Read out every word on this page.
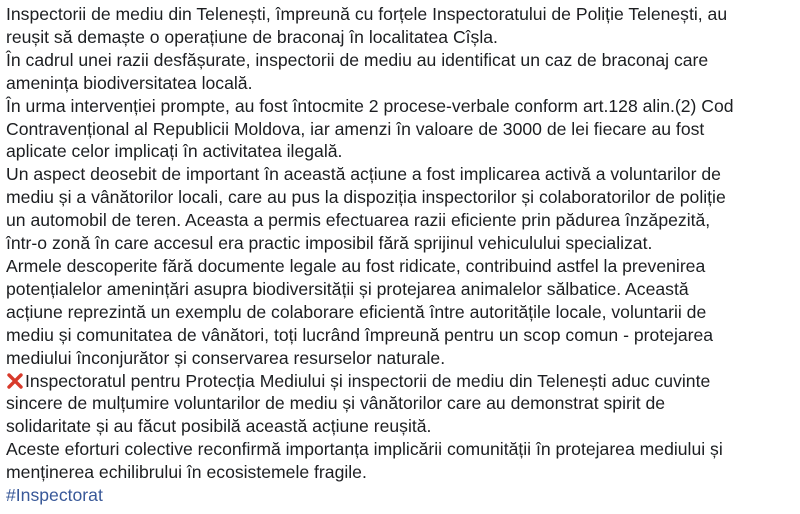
Inspectorii de mediu din Telenești, împreună cu forțele Inspectoratului de Poliție Telenești, au
reușit să demaște o operațiune de braconaj în localitatea Cîșla.
În cadrul unei razii desfășurate, inspectorii de mediu au identificat un caz de braconaj care
amenința biodiversitatea locală.
În urma intervenției prompte, au fost întocmite 2 procese-verbale conform art.128 alin.(2) Cod
Contravențional al Republicii Moldova, iar amenzi în valoare de 3000 de lei fiecare au fost
aplicate celor implicați în activitatea ilegală.
Un aspect deosebit de important în această acțiune a fost implicarea activă a voluntarilor de
mediu și a vânătorilor locali, care au pus la dispoziția inspectorilor și colaboratorilor de poliție
un automobil de teren. Aceasta a permis efectuarea razii eficiente prin pădurea înzăpezită,
într-o zonă în care accesul era practic imposibil fără sprijinul vehiculului specializat.
Armele descoperite fără documente legale au fost ridicate, contribuind astfel la prevenirea
potențialelor amenințări asupra biodiversității și protejarea animalelor sălbatice. Această
acțiune reprezintă un exemplu de colaborare eficientă între autoritățile locale, voluntarii de
mediu și comunitatea de vânători, toți lucrând împreună pentru un scop comun - protejarea
mediului înconjurător și conservarea resurselor naturale.
Inspectoratul pentru Protecția Mediului și inspectorii de mediu din Telenești aduc cuvinte
sincere de mulțumire voluntarilor de mediu și vânătorilor care au demonstrat spirit de
solidaritate și au făcut posibilă această acțiune reușită.
Aceste eforturi colective reconfirmă importanța implicării comunității în protejarea mediului și
menținerea echilibrului în ecosistemele fragile.
#Inspectorat
